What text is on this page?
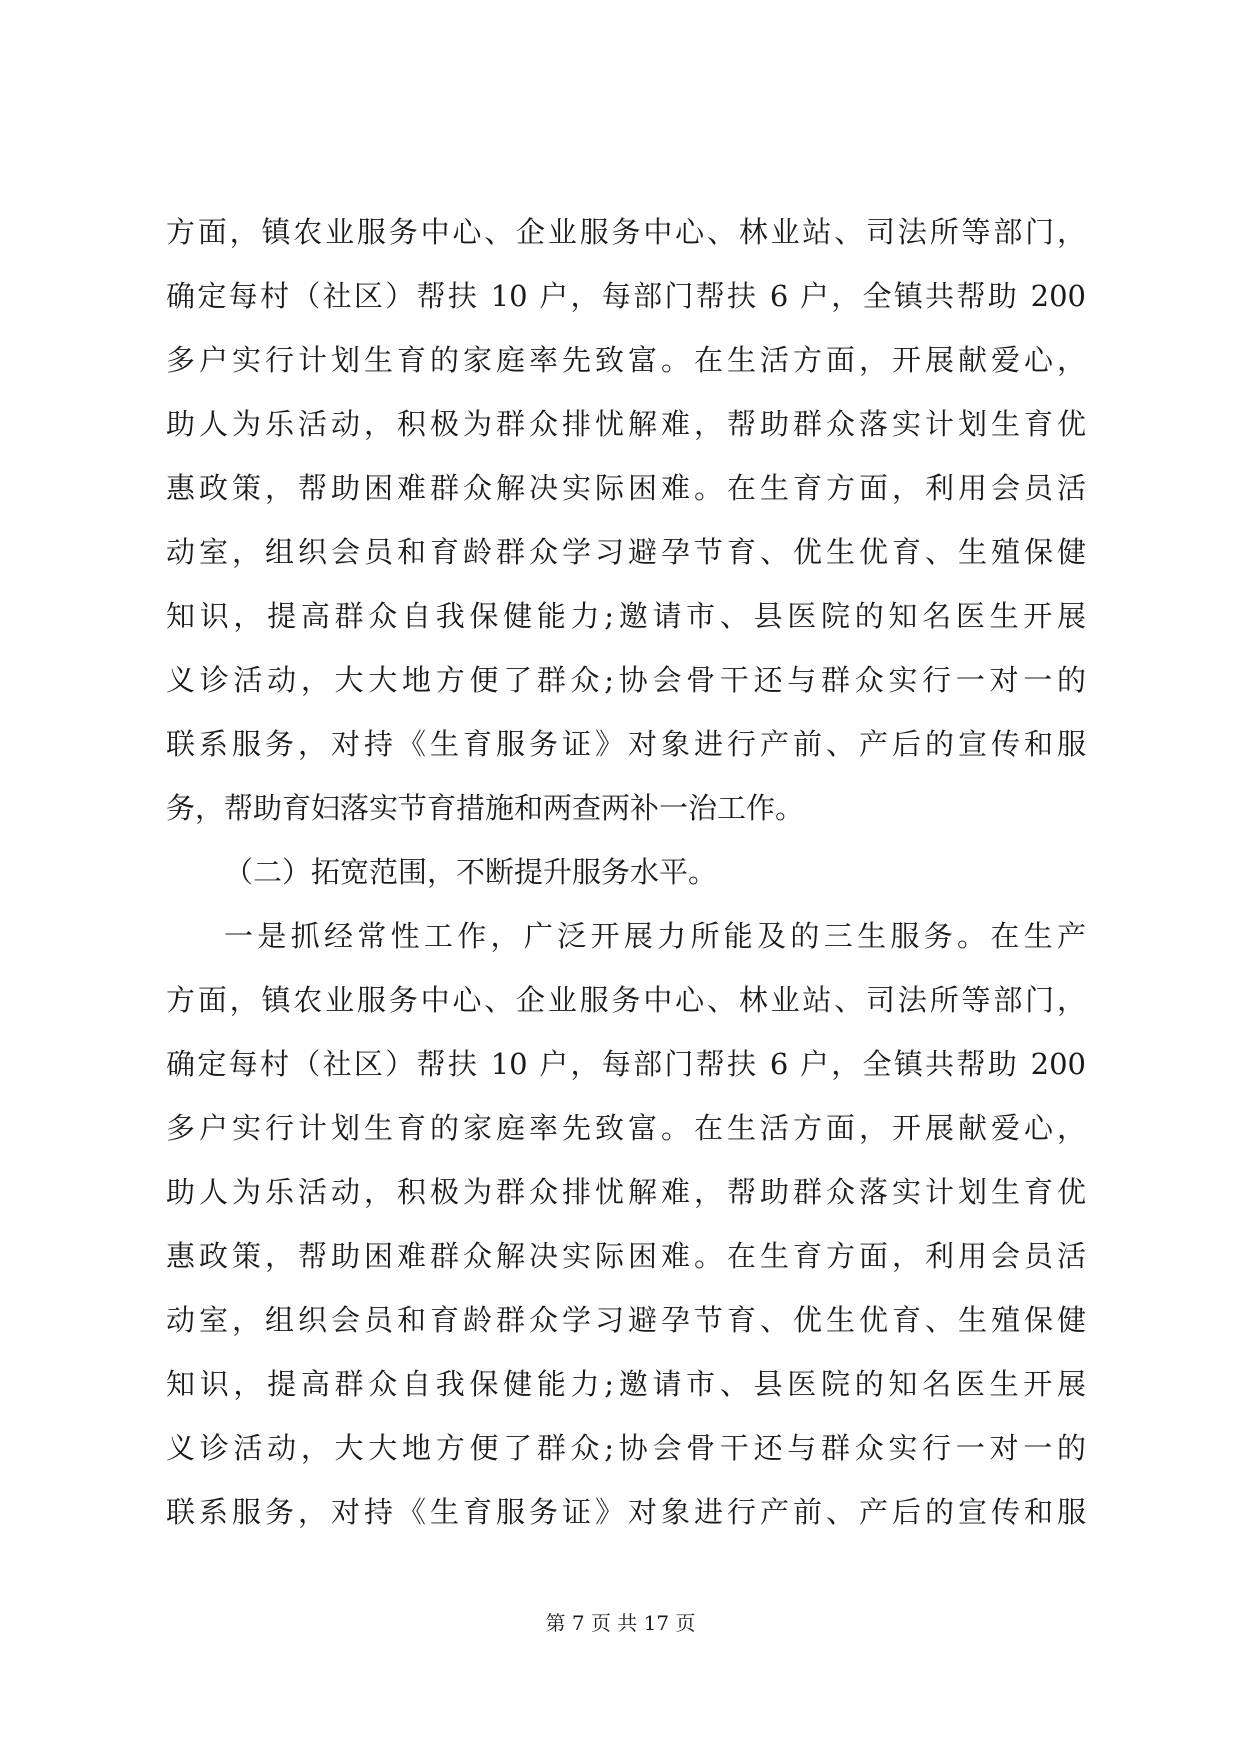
方面，镇农业服务中心、企业服务中心、林业站、司法所等部门，
确定每村（社区）帮扶 10 户，每部门帮扶 6 户，全镇共帮助 200
多户实行计划生育的家庭率先致富。在生活方面，开展献爱心，
助人为乐活动，积极为群众排忧解难，帮助群众落实计划生育优
惠政策，帮助困难群众解决实际困难。在生育方面，利用会员活
动室，组织会员和育龄群众学习避孕节育、优生优育、生殖保健
知识，提高群众自我保健能力;邀请市、县医院的知名医生开展
义诊活动，大大地方便了群众;协会骨干还与群众实行一对一的
联系服务，对持《生育服务证》对象进行产前、产后的宣传和服
务，帮助育妇落实节育措施和两查两补一治工作。
（二）拓宽范围，不断提升服务水平。
一是抓经常性工作，广泛开展力所能及的三生服务。在生产
方面，镇农业服务中心、企业服务中心、林业站、司法所等部门，
确定每村（社区）帮扶 10 户，每部门帮扶 6 户，全镇共帮助 200
多户实行计划生育的家庭率先致富。在生活方面，开展献爱心，
助人为乐活动，积极为群众排忧解难，帮助群众落实计划生育优
惠政策，帮助困难群众解决实际困难。在生育方面，利用会员活
动室，组织会员和育龄群众学习避孕节育、优生优育、生殖保健
知识，提高群众自我保健能力;邀请市、县医院的知名医生开展
义诊活动，大大地方便了群众;协会骨干还与群众实行一对一的
联系服务，对持《生育服务证》对象进行产前、产后的宣传和服
第 7 页 共 17 页
